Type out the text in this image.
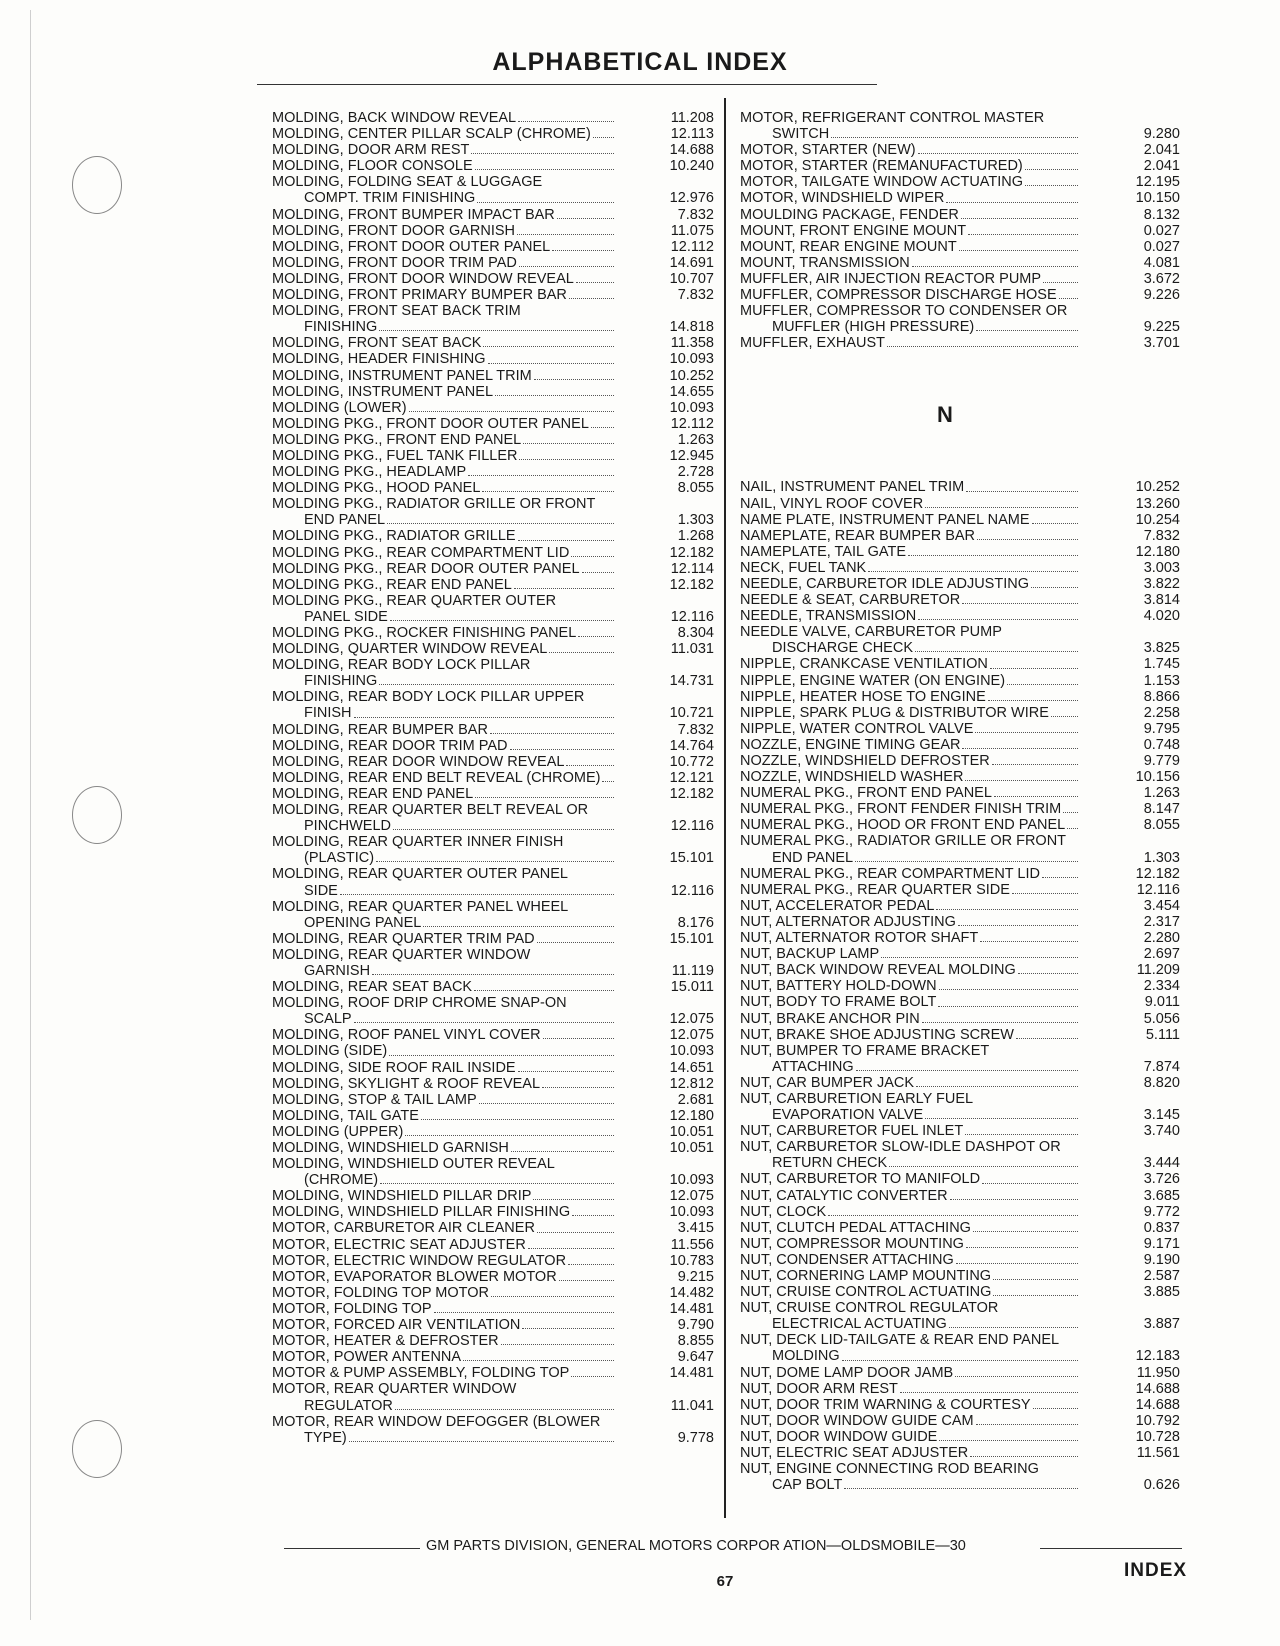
ALPHABETICAL INDEX
MOLDING, BACK WINDOW REVEAL	11.208
MOLDING, CENTER PILLAR SCALP (CHROME)	12.113
MOLDING, DOOR ARM REST	14.688
MOLDING, FLOOR CONSOLE	10.240
MOLDING, FOLDING SEAT & LUGGAGE
COMPT. TRIM FINISHING	12.976
MOLDING, FRONT BUMPER IMPACT BAR	7.832
MOLDING, FRONT DOOR GARNISH	11.075
MOLDING, FRONT DOOR OUTER PANEL	12.112
MOLDING, FRONT DOOR TRIM PAD	14.691
MOLDING, FRONT DOOR WINDOW REVEAL	10.707
MOLDING, FRONT PRIMARY BUMPER BAR	7.832
MOLDING, FRONT SEAT BACK TRIM
FINISHING	14.818
MOLDING, FRONT SEAT BACK	11.358
MOLDING, HEADER FINISHING	10.093
MOLDING, INSTRUMENT PANEL TRIM	10.252
MOLDING, INSTRUMENT PANEL	14.655
MOLDING (LOWER)	10.093
MOLDING PKG., FRONT DOOR OUTER PANEL	12.112
MOLDING PKG., FRONT END PANEL	1.263
MOLDING PKG., FUEL TANK FILLER	12.945
MOLDING PKG., HEADLAMP	2.728
MOLDING PKG., HOOD PANEL	8.055
MOLDING PKG., RADIATOR GRILLE OR FRONT
END PANEL	1.303
MOLDING PKG., RADIATOR GRILLE	1.268
MOLDING PKG., REAR COMPARTMENT LID	12.182
MOLDING PKG., REAR DOOR OUTER PANEL	12.114
MOLDING PKG., REAR END PANEL	12.182
MOLDING PKG., REAR QUARTER OUTER
PANEL SIDE	12.116
MOLDING PKG., ROCKER FINISHING PANEL	8.304
MOLDING, QUARTER WINDOW REVEAL	11.031
MOLDING, REAR BODY LOCK PILLAR
FINISHING	14.731
MOLDING, REAR BODY LOCK PILLAR UPPER
FINISH	10.721
MOLDING, REAR BUMPER BAR	7.832
MOLDING, REAR DOOR TRIM PAD	14.764
MOLDING, REAR DOOR WINDOW REVEAL	10.772
MOLDING, REAR END BELT REVEAL (CHROME)	12.121
MOLDING, REAR END PANEL	12.182
MOLDING, REAR QUARTER BELT REVEAL OR
PINCHWELD	12.116
MOLDING, REAR QUARTER INNER FINISH
(PLASTIC)	15.101
MOLDING, REAR QUARTER OUTER PANEL
SIDE	12.116
MOLDING, REAR QUARTER PANEL WHEEL
OPENING PANEL	8.176
MOLDING, REAR QUARTER TRIM PAD	15.101
MOLDING, REAR QUARTER WINDOW
GARNISH	11.119
MOLDING, REAR SEAT BACK	15.011
MOLDING, ROOF DRIP CHROME SNAP-ON
SCALP	12.075
MOLDING, ROOF PANEL VINYL COVER	12.075
MOLDING (SIDE)	10.093
MOLDING, SIDE ROOF RAIL INSIDE	14.651
MOLDING, SKYLIGHT & ROOF REVEAL	12.812
MOLDING, STOP & TAIL LAMP	2.681
MOLDING, TAIL GATE	12.180
MOLDING (UPPER)	10.051
MOLDING, WINDSHIELD GARNISH	10.051
MOLDING, WINDSHIELD OUTER REVEAL
(CHROME)	10.093
MOLDING, WINDSHIELD PILLAR DRIP	12.075
MOLDING, WINDSHIELD PILLAR FINISHING	10.093
MOTOR, CARBURETOR AIR CLEANER	3.415
MOTOR, ELECTRIC SEAT ADJUSTER	11.556
MOTOR, ELECTRIC WINDOW REGULATOR	10.783
MOTOR, EVAPORATOR BLOWER MOTOR	9.215
MOTOR, FOLDING TOP MOTOR	14.482
MOTOR, FOLDING TOP	14.481
MOTOR, FORCED AIR VENTILATION	9.790
MOTOR, HEATER & DEFROSTER	8.855
MOTOR, POWER ANTENNA	9.647
MOTOR & PUMP ASSEMBLY, FOLDING TOP	14.481
MOTOR, REAR QUARTER WINDOW
REGULATOR	11.041
MOTOR, REAR WINDOW DEFOGGER (BLOWER
TYPE)	9.778
MOTOR, REFRIGERANT CONTROL MASTER
SWITCH	9.280
MOTOR, STARTER (NEW)	2.041
MOTOR, STARTER (REMANUFACTURED)	2.041
MOTOR, TAILGATE WINDOW ACTUATING	12.195
MOTOR, WINDSHIELD WIPER	10.150
MOULDING PACKAGE, FENDER	8.132
MOUNT, FRONT ENGINE MOUNT	0.027
MOUNT, REAR ENGINE MOUNT	0.027
MOUNT, TRANSMISSION	4.081
MUFFLER, AIR INJECTION REACTOR PUMP	3.672
MUFFLER, COMPRESSOR DISCHARGE HOSE	9.226
MUFFLER, COMPRESSOR TO CONDENSER OR
MUFFLER (HIGH PRESSURE)	9.225
MUFFLER, EXHAUST	3.701
N
NAIL, INSTRUMENT PANEL TRIM	10.252
NAIL, VINYL ROOF COVER	13.260
NAME PLATE, INSTRUMENT PANEL NAME	10.254
NAMEPLATE, REAR BUMPER BAR	7.832
NAMEPLATE, TAIL GATE	12.180
NECK, FUEL TANK	3.003
NEEDLE, CARBURETOR IDLE ADJUSTING	3.822
NEEDLE & SEAT, CARBURETOR	3.814
NEEDLE, TRANSMISSION	4.020
NEEDLE VALVE, CARBURETOR PUMP
DISCHARGE CHECK	3.825
NIPPLE, CRANKCASE VENTILATION	1.745
NIPPLE, ENGINE WATER (ON ENGINE)	1.153
NIPPLE, HEATER HOSE TO ENGINE	8.866
NIPPLE, SPARK PLUG & DISTRIBUTOR WIRE	2.258
NIPPLE, WATER CONTROL VALVE	9.795
NOZZLE, ENGINE TIMING GEAR	0.748
NOZZLE, WINDSHIELD DEFROSTER	9.779
NOZZLE, WINDSHIELD WASHER	10.156
NUMERAL PKG., FRONT END PANEL	1.263
NUMERAL PKG., FRONT FENDER FINISH TRIM	8.147
NUMERAL PKG., HOOD OR FRONT END PANEL	8.055
NUMERAL PKG., RADIATOR GRILLE OR FRONT
END PANEL	1.303
NUMERAL PKG., REAR COMPARTMENT LID	12.182
NUMERAL PKG., REAR QUARTER SIDE	12.116
NUT, ACCELERATOR PEDAL	3.454
NUT, ALTERNATOR ADJUSTING	2.317
NUT, ALTERNATOR ROTOR SHAFT	2.280
NUT, BACKUP LAMP	2.697
NUT, BACK WINDOW REVEAL MOLDING	11.209
NUT, BATTERY HOLD-DOWN	2.334
NUT, BODY TO FRAME BOLT	9.011
NUT, BRAKE ANCHOR PIN	5.056
NUT, BRAKE SHOE ADJUSTING SCREW	5.111
NUT, BUMPER TO FRAME BRACKET
ATTACHING	7.874
NUT, CAR BUMPER JACK	8.820
NUT, CARBURETION EARLY FUEL
EVAPORATION VALVE	3.145
NUT, CARBURETOR FUEL INLET	3.740
NUT, CARBURETOR SLOW-IDLE DASHPOT OR
RETURN CHECK	3.444
NUT, CARBURETOR TO MANIFOLD	3.726
NUT, CATALYTIC CONVERTER	3.685
NUT, CLOCK	9.772
NUT, CLUTCH PEDAL ATTACHING	0.837
NUT, COMPRESSOR MOUNTING	9.171
NUT, CONDENSER ATTACHING	9.190
NUT, CORNERING LAMP MOUNTING	2.587
NUT, CRUISE CONTROL ACTUATING	3.885
NUT, CRUISE CONTROL REGULATOR
ELECTRICAL ACTUATING	3.887
NUT, DECK LID-TAILGATE & REAR END PANEL
MOLDING	12.183
NUT, DOME LAMP DOOR JAMB	11.950
NUT, DOOR ARM REST	14.688
NUT, DOOR TRIM WARNING & COURTESY	14.688
NUT, DOOR WINDOW GUIDE CAM	10.792
NUT, DOOR WINDOW GUIDE	10.728
NUT, ELECTRIC SEAT ADJUSTER	11.561
NUT, ENGINE CONNECTING ROD BEARING
CAP BOLT	0.626
GM PARTS DIVISION, GENERAL MOTORS CORPOR ATION—OLDSMOBILE—30
67
INDEX
